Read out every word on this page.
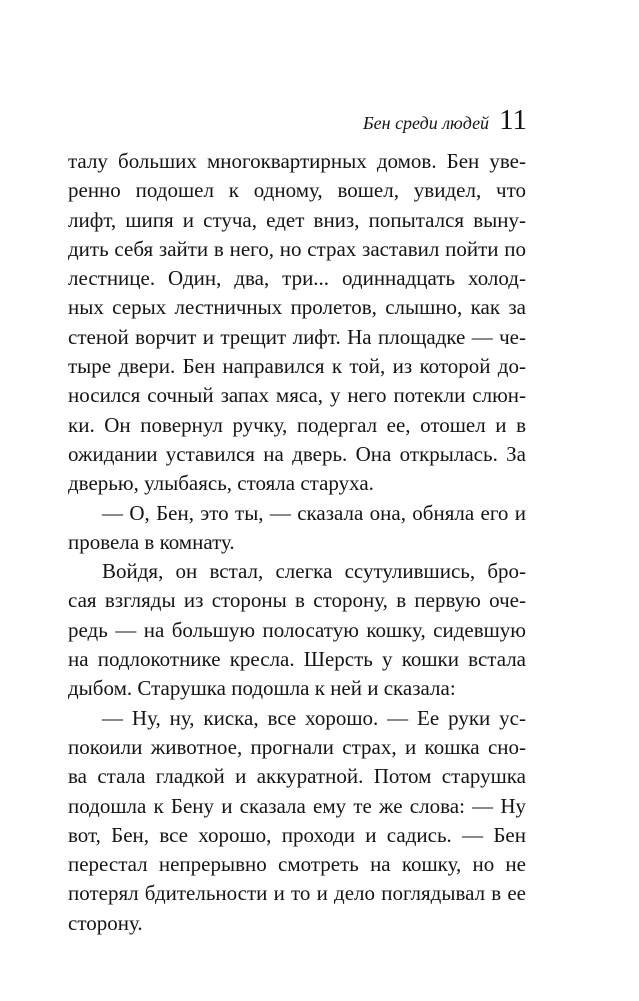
Бен среди людей 11
талу больших многоквартирных домов. Бен уве-
ренно подошел к одному, вошел, увидел, что
лифт, шипя и стуча, едет вниз, попытался выну-
дить себя зайти в него, но страх заставил пойти по
лестнице. Один, два, три... одиннадцать холод-
ных серых лестничных пролетов, слышно, как за
стеной ворчит и трещит лифт. На площадке — че-
тыре двери. Бен направился к той, из которой до-
носился сочный запах мяса, у него потекли слюн-
ки. Он повернул ручку, подергал ее, отошел и в
ожидании уставился на дверь. Она открылась. За
дверью, улыбаясь, стояла старуха.
— О, Бен, это ты, — сказала она, обняла его и
провела в комнату.
Войдя, он встал, слегка ссутулившись, бро-
сая взгляды из стороны в сторону, в первую оче-
редь — на большую полосатую кошку, сидевшую
на подлокотнике кресла. Шерсть у кошки встала
дыбом. Старушка подошла к ней и сказала:
— Ну, ну, киска, все хорошо. — Ее руки ус-
покоили животное, прогнали страх, и кошка сно-
ва стала гладкой и аккуратной. Потом старушка
подошла к Бену и сказала ему те же слова: — Ну
вот, Бен, все хорошо, проходи и садись. — Бен
перестал непрерывно смотреть на кошку, но не
потерял бдительности и то и дело поглядывал в ее
сторону.
